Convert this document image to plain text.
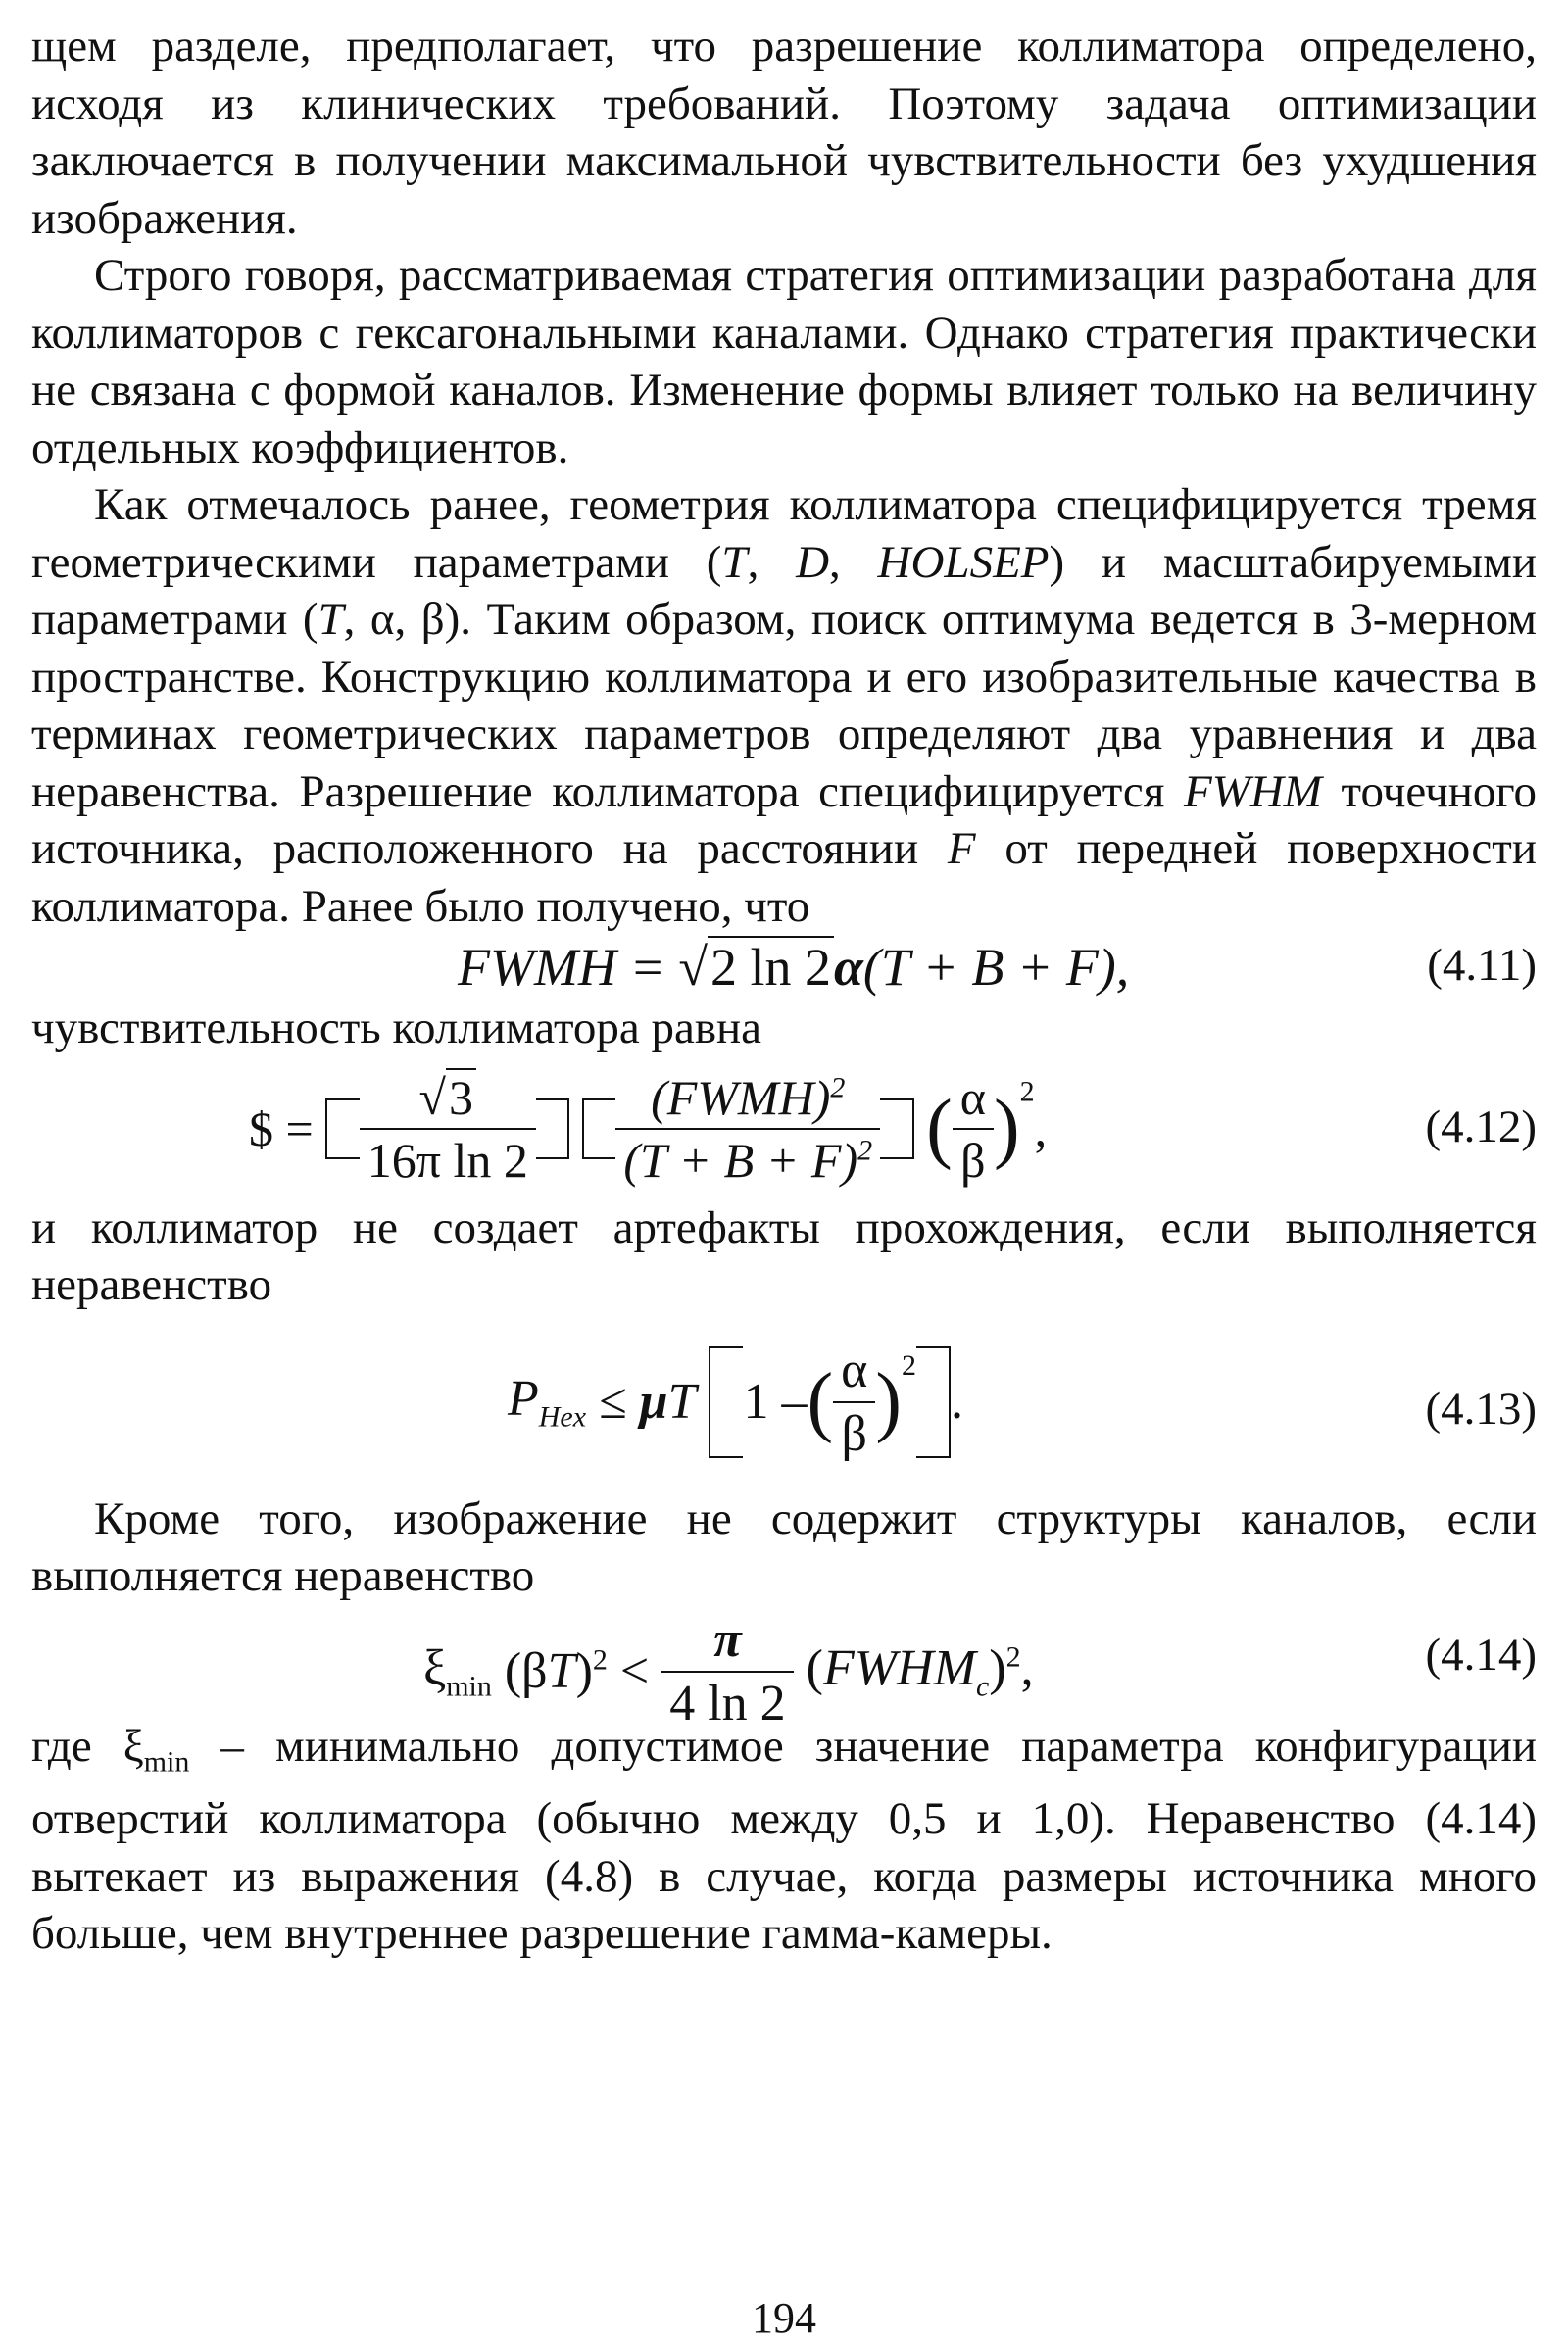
щем разделе, предполагает, что разрешение коллиматора определено, исходя из клинических требований. Поэтому задача оптимизации заключается в получении максимальной чувствительности без ухудшения изображения.

Строго говоря, рассматриваемая стратегия оптимизации разработана для коллиматоров с гексагональными каналами. Однако стратегия практически не связана с формой каналов. Изменение формы влияет только на величину отдельных коэффициентов.

Как отмечалось ранее, геометрия коллиматора специфицируется тремя геометрическими параметрами (T, D, HOLSEP) и масштабируемыми параметрами (T, α, β). Таким образом, поиск оптимума ведется в 3-мерном пространстве. Конструкцию коллиматора и его изобразительные качества в терминах геометрических параметров определяют два уравнения и два неравенства. Разрешение коллиматора специфицируется FWHM точечного источника, расположенного на расстоянии F от передней поверхности коллиматора. Ранее было получено, что

FWMH = √2 ln 2α(T + B + F),	(4.11)

чувствительность коллиматора равна

$ = $\frac{√3}{\text{16π ln 2}}$
$\frac{(FWMH)^2}{(T + B + F)^2}$ ( $\frac{\alpha}{\beta} )^2$,	(4.12)

и коллиматор не создает артефакты прохождения, если выполняется неравенство

$P_{Hex} \le \mu T$ 1 –( $\frac{\alpha}{\beta} )^2$ .	(4.13)

Кроме того, изображение не содержит структуры каналов, если выполняется неравенство

$\xi_{min}$ $(\beta T)^2 < \frac{\pi}{4 \ln 2}$ $(FWHM_c)^2$,	(4.14)

где $\xi_{min}$ – минимально допустимое значение параметра конфигурации отверстий коллиматора (обычно между 0,5 и 1,0). Неравенство (4.14) вытекает из выражения (4.8) в случае, когда размеры источника много больше, чем внутреннее разрешение гамма-камеры.

194
